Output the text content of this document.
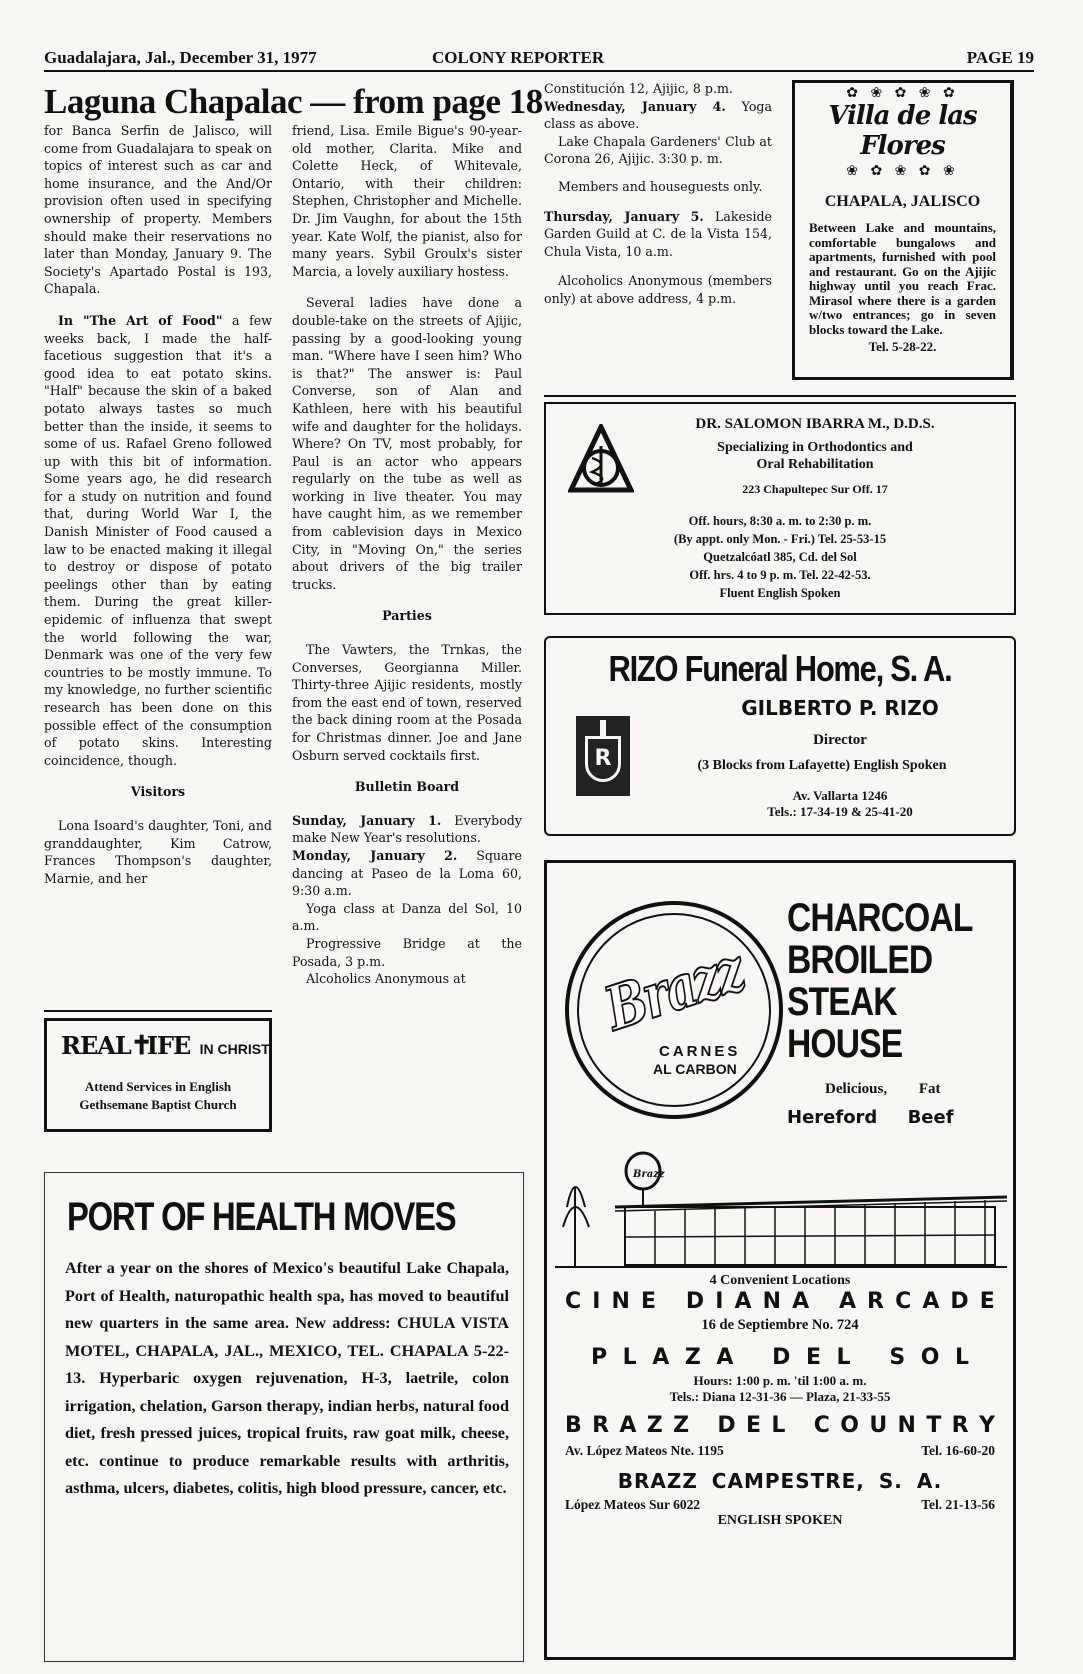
Guadalajara, Jal., December 31, 1977	COLONY REPORTER	PAGE 19
Laguna Chapalac — from page 18

for Banca Serfin de Jalisco, will come from Guadalajara to speak on topics of interest such as car and home insurance, and the And/Or provision often used in specifying ownership of property. Members should make their reservations no later than Monday, January 9. The Society's Apartado Postal is 193, Chapala.

In "The Art of Food" a few weeks back, I made the half-facetious suggestion that it's a good idea to eat potato skins. "Half" because the skin of a baked potato always tastes so much better than the inside, it seems to some of us. Rafael Greno followed up with this bit of information. Some years ago, he did research for a study on nutrition and found that, during World War I, the Danish Minister of Food caused a law to be enacted making it illegal to destroy or dispose of potato peelings other than by eating them. During the great killer-epidemic of influenza that swept the world following the war, Denmark was one of the very few countries to be mostly immune. To my knowledge, no further scientific research has been done on this possible effect of the consumption of potato skins. Interesting coincidence, though.

Visitors

Lona Isoard's daughter, Toni, and granddaughter, Kim Catrow, Frances Thompson's daughter, Marnie, and her

friend, Lisa. Emile Bigue's 90-year-old mother, Clarita. Mike and Colette Heck, of Whitevale, Ontario, with their children: Stephen, Christopher and Michelle. Dr. Jim Vaughn, for about the 15th year. Kate Wolf, the pianist, also for many years. Sybil Groulx's sister Marcia, a lovely auxiliary hostess.

Several ladies have done a double-take on the streets of Ajijic, passing by a good-looking young man. "Where have I seen him? Who is that?" The answer is: Paul Converse, son of Alan and Kathleen, here with his beautiful wife and daughter for the holidays. Where? On TV, most probably, for Paul is an actor who appears regularly on the tube as well as working in live theater. You may have caught him, as we remember from cablevision days in Mexico City, in "Moving On," the series about drivers of the big trailer trucks.

Parties

The Vawters, the Trnkas, the Converses, Georgianna Miller. Thirty-three Ajijic residents, mostly from the east end of town, reserved the back dining room at the Posada for Christmas dinner. Joe and Jane Osburn served cocktails first.

Bulletin Board

Sunday, January 1. Everybody make New Year's resolutions.

Monday, January 2. Square dancing at Paseo de la Loma 60, 9:30 a.m.

Yoga class at Danza del Sol, 10 a.m.

Progressive Bridge at the Posada, 3 p.m.

Alcoholics Anonymous at

Constitución 12, Ajijic, 8 p.m.

Wednesday, January 4. Yoga class as above.

Lake Chapala Gardeners' Club at Corona 26, Ajijic. 3:30 p. m.

Members and houseguests only.

Thursday, January 5. Lakeside Garden Guild at C. de la Vista 154, Chula Vista, 10 a.m.

Alcoholics Anonymous (members only) at above address, 4 p.m.

✿ ❀ ✿ ❀ ✿
Villa de las Flores
❀ ✿ ❀ ✿ ❀
CHAPALA, JALISCO
Between Lake and mountains, comfortable bungalows and apartments, furnished with pool and restaurant. Go on the Ajijic highway until you reach Frac. Mirasol where there is a garden w/two entrances; go in seven blocks toward the Lake.
Tel. 5-28-22.
DR. SALOMON IBARRA M., D.D.S.
Specializing in Orthodontics and
Oral Rehabilitation
223 Chapultepec Sur Off. 17
Off. hours, 8:30 a. m. to 2:30 p. m.
(By appt. only Mon. - Fri.) Tel. 25-53-15
Quetzalcóatl 385, Cd. del Sol
Off. hrs. 4 to 9 p. m. Tel. 22-42-53.
Fluent English Spoken
RIZO Funeral Home, S. A.
R
GILBERTO P. RIZO
Director
(3 Blocks from Lafayette) English Spoken
Av. Vallarta 1246
Tels.: 17-34-19 & 25-41-20
Brazz
CARNES
AL CARBON
CHARCOAL
BROILED
STEAK
HOUSE
Delicious, Fat
Hereford Beef
Brazz
4 Convenient Locations
C I N E
D I A N A
A R C A D E
16 de Septiembre No. 724
P L A Z A
D E L
S O L
Hours: 1:00 p. m. 'til 1:00 a. m.
Tels.: Diana 12-31-36 — Plaza, 21-33-55
B R A Z Z
D E L
C O U N T R Y
Av. López Mateos Nte. 1195	Tel. 16-60-20
BRAZZ CAMPESTRE, S. A.
López Mateos Sur 6022	Tel. 21-13-56
ENGLISH SPOKEN
REAL✝IFE IN CHRIST
Attend Services in English
Gethsemane Baptist Church
PORT OF HEALTH MOVES
After a year on the shores of Mexico's beautiful Lake Chapala, Port of Health, naturopathic health spa, has moved to beautiful new quarters in the same area. New address: CHULA VISTA MOTEL, CHAPALA, JAL., MEXICO, TEL. CHAPALA 5-22-13. Hyperbaric oxygen rejuvenation, H-3, laetrile, colon irrigation, chelation, Garson therapy, indian herbs, natural food diet, fresh pressed juices, tropical fruits, raw goat milk, cheese, etc. continue to produce remarkable results with arthritis, asthma, ulcers, diabetes, colitis, high blood pressure, cancer, etc.
